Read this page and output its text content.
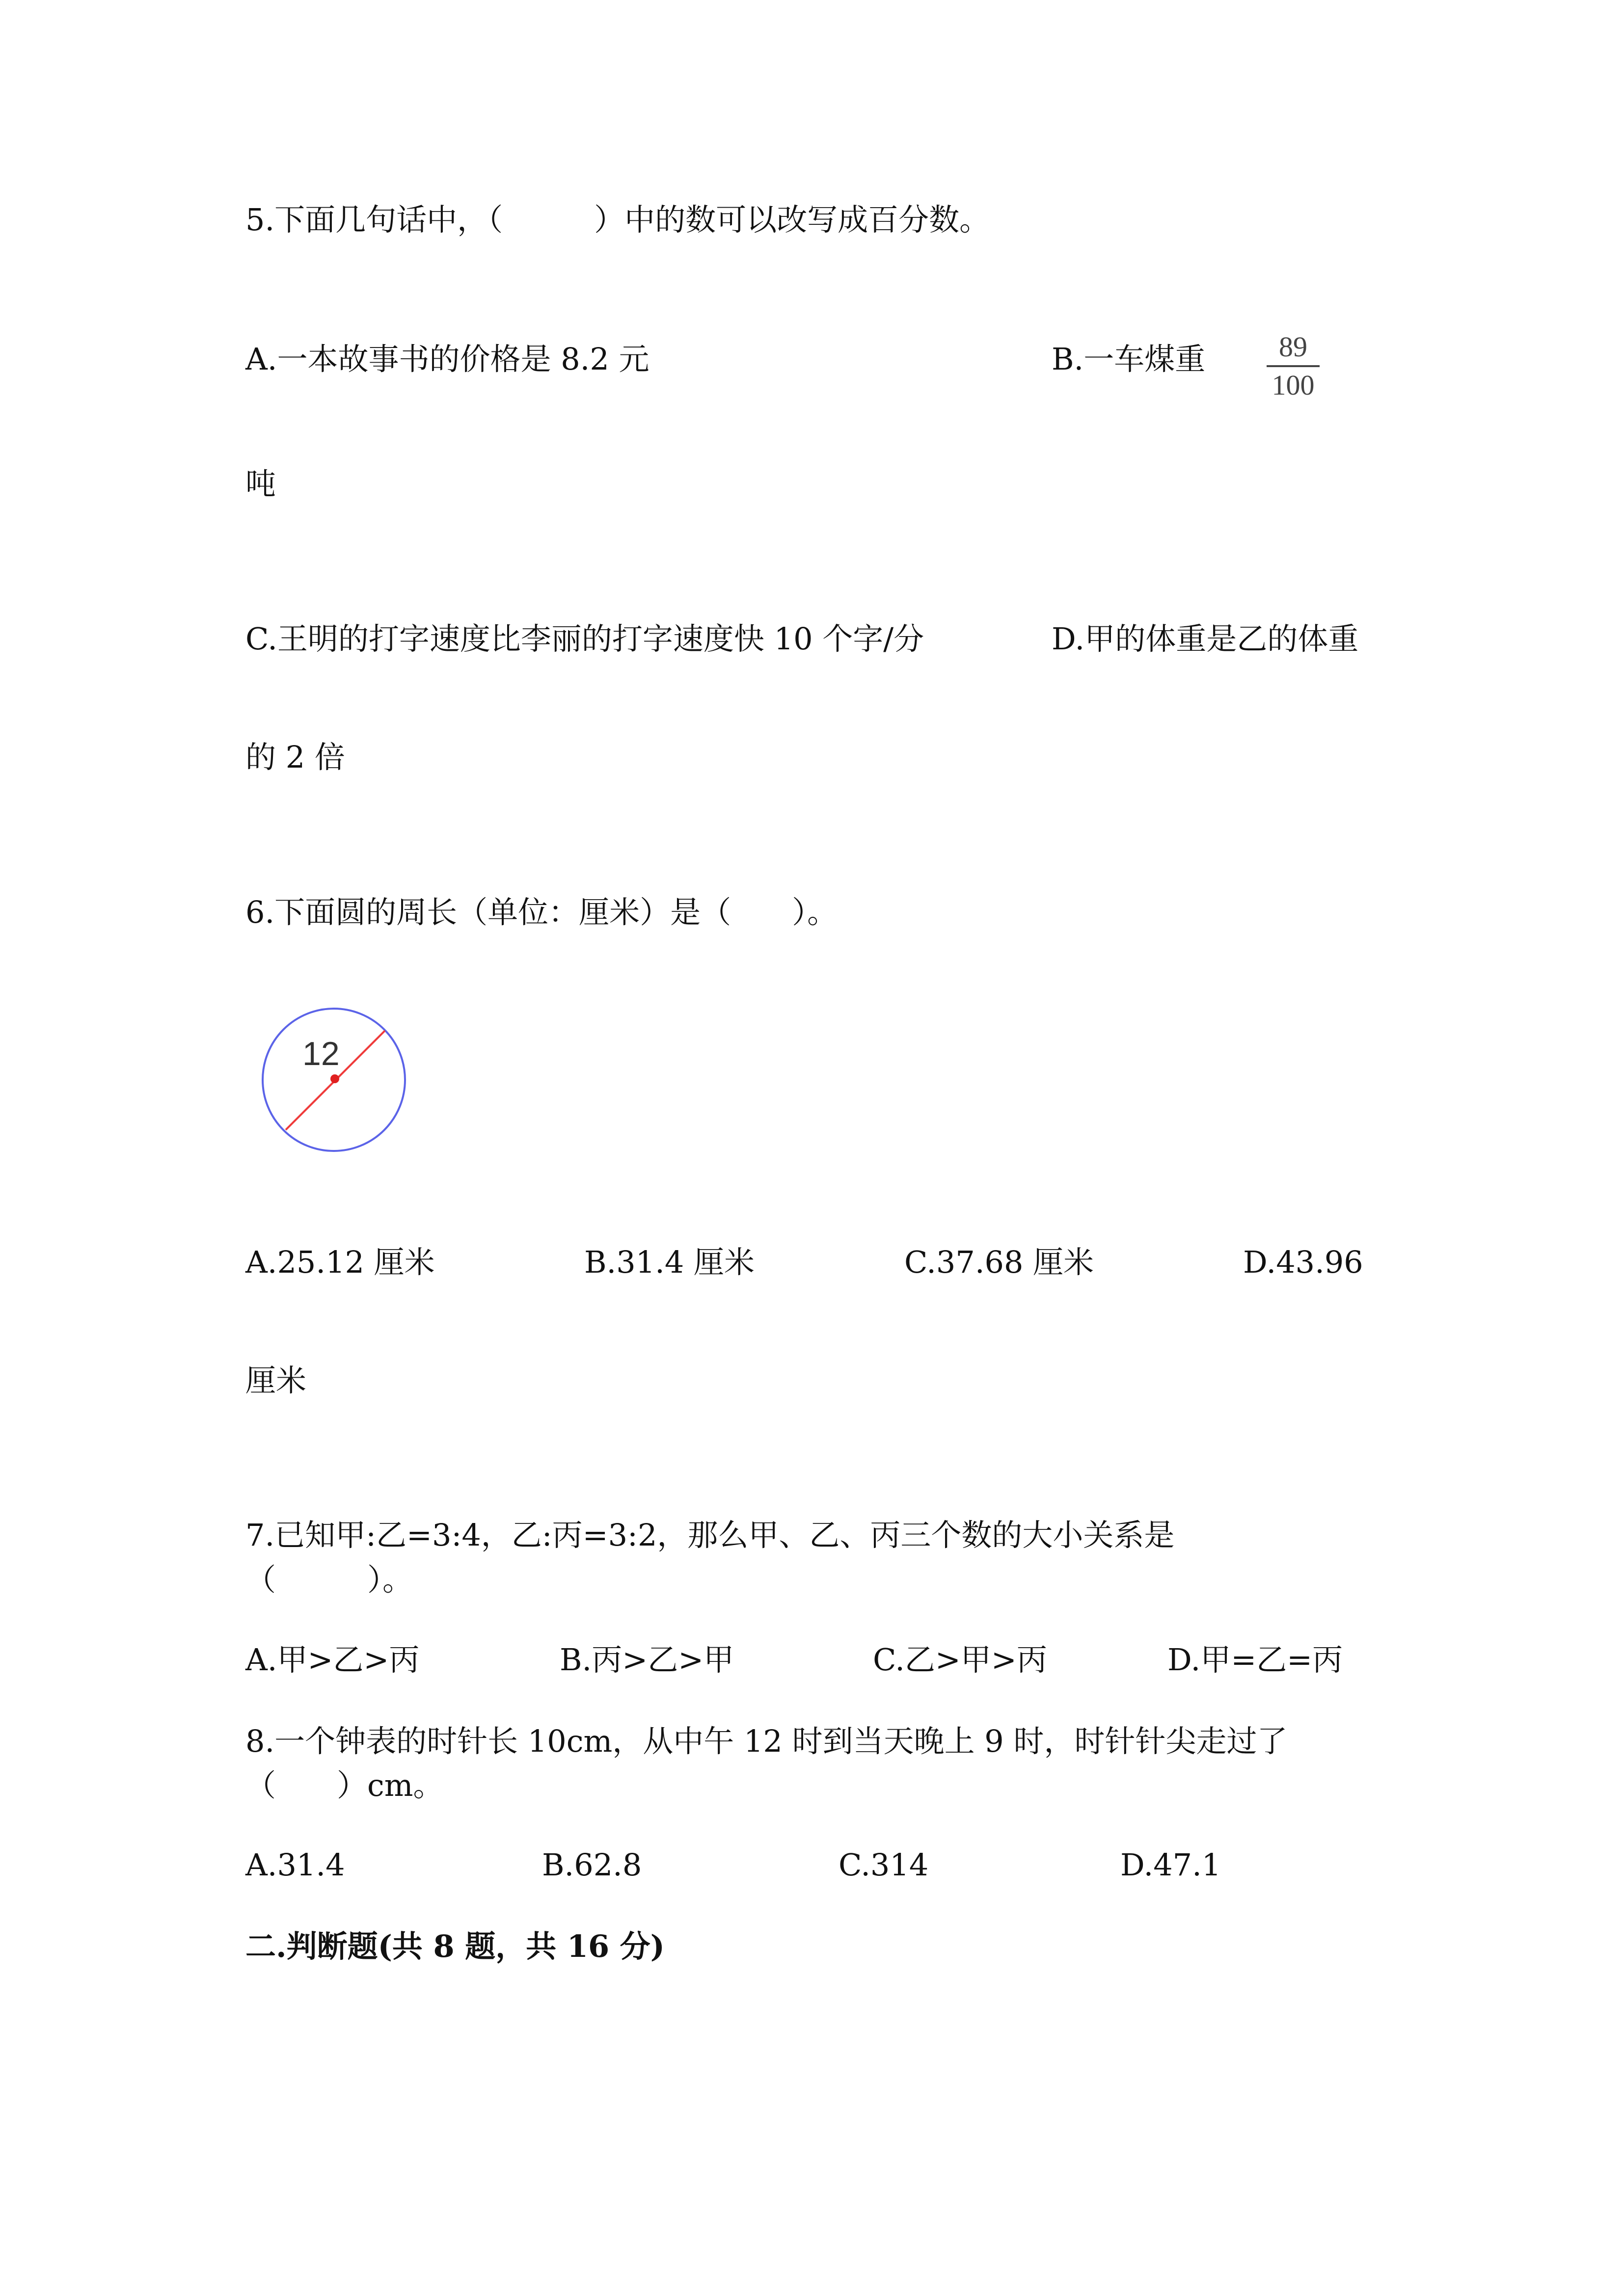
5.下面几句话中，（　　　）中的数可以改写成百分数。
A.一本故事书的价格是 8.2 元	B.一车煤重	89
100
吨
C.王明的打字速度比李丽的打字速度快 10 个字/分	D.甲的体重是乙的体重
的 2 倍
6.下面圆的周长（单位：厘米）是（　　）。
12
A.25.12 厘米	B.31.4 厘米	C.37.68 厘米	D.43.96
厘米
7.已知甲:乙=3:4，乙:丙=3:2，那么甲、乙、丙三个数的大小关系是
（　　　）。
A.甲>乙>丙	B.丙>乙>甲	C.乙>甲>丙	D.甲=乙=丙
8.一个钟表的时针长 10cm，从中午 12 时到当天晚上 9 时，时针针尖走过了
（　　）cm。
A.31.4	B.62.8	C.314	D.47.1
二.判断题(共 8 题，共 16 分)
